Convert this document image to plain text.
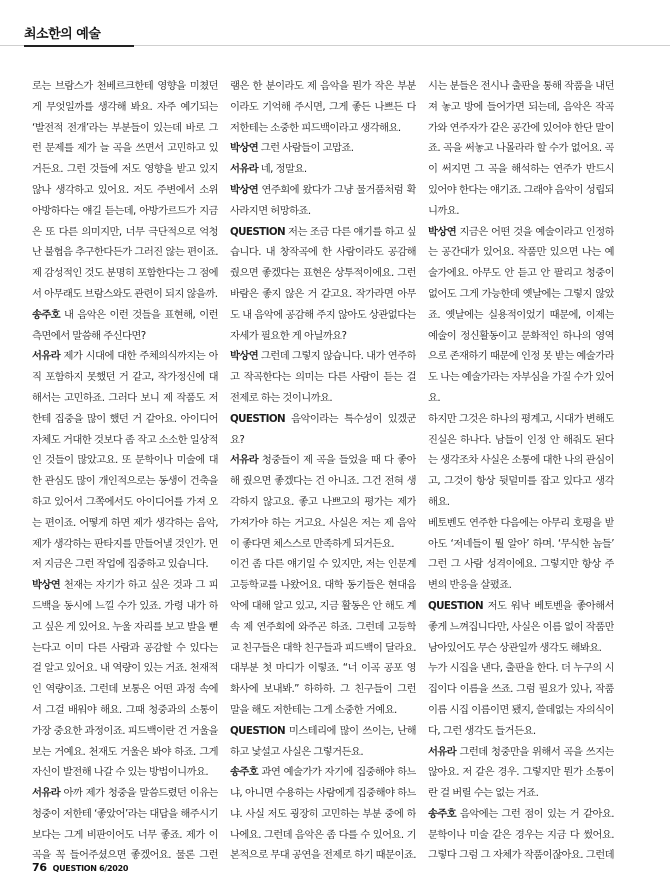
최소한의 예술

로는 브람스가 천베르크한테 영향을 미쳤던 게 무엇일까를 생각해 봐요. 자주 예기되는 ‘발전적 전개’라는 부분들이 있는데 바로 그런 문제를 제가 늘 곡을 쓰면서 고민하고 있거든요. 그런 것들에 저도 영향을 받고 있지 않나 생각하고 있어요. 저도 주변에서 소위 아방하다는 얘길 듣는데, 아방가르드가 지금은 또 다른 의미지만, 너무 극단적으로 억청난 불협음 추구한다든가 그러진 않는 편이죠. 제 감성적인 것도 분명히 포함한다는 그 점에서 아무래도 브람스와도 관련이 되지 않을까.

송주호 내 음악은 이런 것들을 표현해, 이런 측면에서 말씀해 주신다면?

서유라 제가 시대에 대한 주체의식까지는 아직 포함하지 못했던 거 같고, 작가정신에 대해서는 고민하죠. 그러다 보니 제 작품도 저한테 집중을 많이 했던 거 같아요. 아이디어 자체도 거대한 것보다 좀 작고 소소한 일상적인 것들이 많았고요. 또 문학이나 미술에 대한 관심도 많이 개인적으로는 동생이 건축을 하고 있어서 그쪽에서도 아이디어를 가져 오는 편이죠. 어떻게 하면 제가 생각하는 음악, 제가 생각하는 판타지를 만들어낼 것인가. 먼저 지금은 그런 작업에 집중하고 있습니다.

박상연 천재는 자기가 하고 싶은 것과 그 피드백을 동시에 느낄 수가 있죠. 가령 내가 하고 싶은 게 있어요. 누울 자리를 보고 발을 뻗는다고 이미 다른 사람과 공감할 수 있다는 걸 알고 있어요. 내 역량이 있는 거죠. 천재적인 역량이죠. 그런데 보통은 어떤 과정 속에서 그걸 배워야 해요. 그때 청중과의 소통이 가장 중요한 과정이죠. 피드백이란 건 거울을 보는 거예요. 천재도 거울은 봐야 하죠. 그게 자신이 발전해 나갈 수 있는 방법이니까요.

서유라 아까 제가 청중을 말씀드렸던 이유는 청중이 저한테 ‘좋았어’라는 대답을 해주시기보다는 그게 비판이어도 너무 좋죠. 제가 이 곡을 꼭 들어주셨으면 좋겠어요. 물론 그런

램은 한 분이라도 제 음악을 뭔가 작은 부분이라도 기억해 주시면, 그게 좋든 나쁘든 다 저한테는 소중한 피드백이라고 생각해요.

박상연 그런 사람들이 고맙죠.

서유라 네, 정말요.

박상연 연주회에 왔다가 그냥 물거품처럼 확 사라지면 허망하죠.

QUESTION 저는 조금 다른 얘기를 하고 싶습니다. 내 창작곡에 한 사람이라도 공감해 줬으면 좋겠다는 표현은 상투적이에요. 그런 바람은 좋지 않은 거 같고요. 작가라면 아무도 내 음악에 공감해 주지 않아도 상관없다는 자세가 필요한 게 아닐까요?

박상연 그런데 그렇지 않습니다. 내가 연주하고 작곡한다는 의미는 다른 사람이 듣는 걸 전제로 하는 것이니까요.

QUESTION 음악이라는 특수성이 있겠군요?

서유라 청중들이 제 곡을 들었을 때 다 좋아해 줬으면 좋겠다는 건 아니죠. 그건 전혀 생각하지 않고요. 좋고 나쁘고의 평가는 제가 가져가야 하는 거고요. 사실은 저는 제 음악이 좋다면 체스스로 만족하게 되거든요.

이건 좀 다른 얘기일 수 있지만, 저는 인문계 고등학교를 나왔어요. 대학 동기들은 현대음악에 대해 알고 있고, 지금 활동은 안 해도 계속 제 연주회에 와주곤 하죠. 그런데 고등학교 친구들은 대학 친구들과 피드백이 달라요. 대부분 첫 마디가 이렇죠. “너 이곡 공포 영화사에 보내봐.” 하하하. 그 친구들이 그런 말을 해도 저한테는 그게 소중한 거예요.

QUESTION 미스테리에 많이 쓰이는, 난해하고 낯설고 사실은 그렇거든요.

송주호 과연 예술가가 자기에 집중해야 하느냐, 아니면 수용하는 사람에게 집중해야 하느냐. 사실 저도 굉장히 고민하는 부분 중에 하나에요. 그런데 음악은 좀 다를 수 있어요. 기본적으로 무대 공연을 전제로 하기 때문이죠.

시는 분들은 전시나 출판을 통해 작품을 내던져 놓고 방에 들어가면 되는데, 음악은 작곡가와 연주자가 같은 공간에 있어야 한단 말이죠. 곡을 써놓고 나몰라라 할 수가 없어요. 곡이 써지면 그 곡을 해석하는 연주가 반드시 있어야 한다는 얘기죠. 그래야 음악이 성립되니까요.

박상연 지금은 어떤 것을 예술이라고 인정하는 공간대가 있어요. 작품만 있으면 나는 예술가에요. 아무도 안 듣고 안 팔리고 청중이 없어도 그게 가능한데 옛날에는 그렇지 않았죠. 옛날에는 실용적이었기 때문에, 이제는 예술이 정신활동이고 문화적인 하나의 영역으로 존재하기 때문에 인정 못 받는 예술가라도 나는 예술가라는 자부심을 가질 수가 있어요.

하지만 그것은 하나의 평계고, 시대가 변해도 진실은 하나다. 남들이 인정 안 해줘도 된다는 생각조차 사실은 소통에 대한 나의 관심이고, 그것이 항상 뒷덜미를 잡고 있다고 생각해요.

베토벤도 연주한 다음에는 아무리 호평을 받아도 ‘저네들이 뭘 알아’ 하며. ‘무식한 놈들’ 그런 그 사람 성격이에요. 그렇지만 항상 주변의 반응을 살폈죠.

QUESTION 저도 워낙 베토벤을 좋아해서 좋게 느껴집니다만, 사실은 이름 없이 작품만 남아있어도 무슨 상관일까 생각도 해봐요.

누가 시집을 낸다, 출판을 한다. 더 누구의 시집이다 이름을 쓰죠. 그럼 필요가 있나, 작품 이름 시집 이름이면 됐지, 쓸데없는 자의식이다, 그런 생각도 들거든요.

서유라 그런데 청중만을 위해서 곡을 쓰지는 않아요. 저 같은 경우. 그렇지만 뭔가 소통이란 걸 버릴 수는 없는 거죠.

송주호 음악에는 그런 점이 있는 거 같아요. 문학이나 미술 같은 경우는 지금 다 썼어요. 그렇다 그럼 그 자체가 작품이잖아요. 그런데

76 QUESTION 6/2020
